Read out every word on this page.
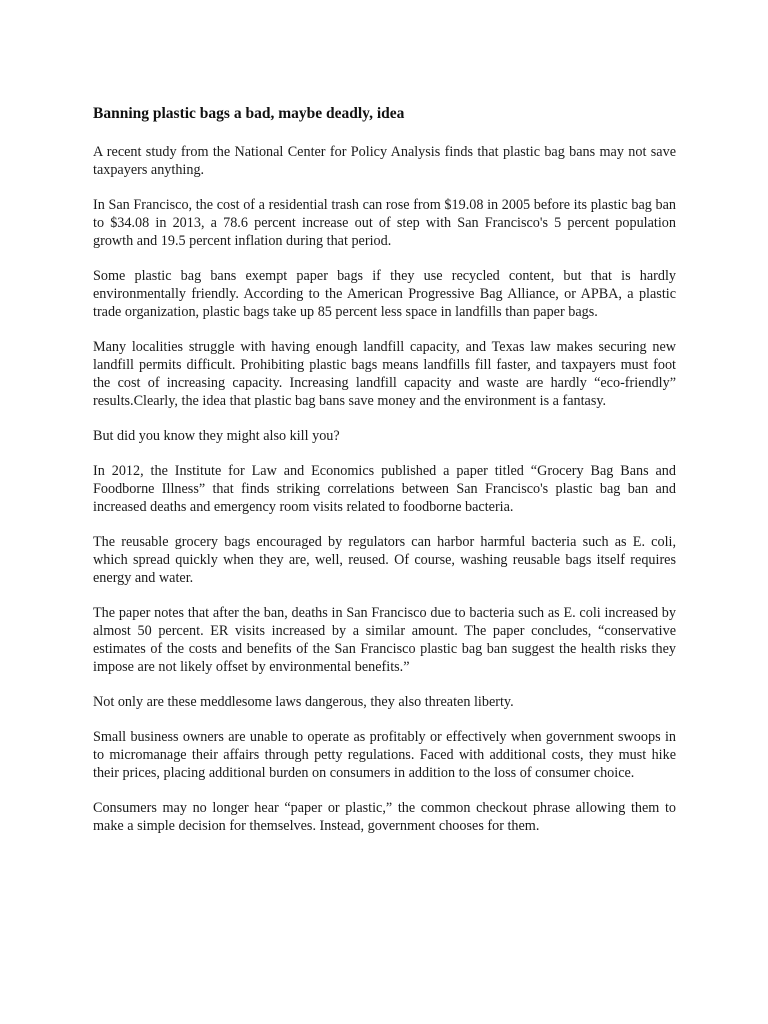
Banning plastic bags a bad, maybe deadly, idea

A recent study from the National Center for Policy Analysis finds that plastic bag bans may not save taxpayers anything.

In San Francisco, the cost of a residential trash can rose from $19.08 in 2005 before its plastic bag ban to $34.08 in 2013, a 78.6 percent increase out of step with San Francisco's 5 percent population growth and 19.5 percent inflation during that period.

Some plastic bag bans exempt paper bags if they use recycled content, but that is hardly environmentally friendly. According to the American Progressive Bag Alliance, or APBA, a plastic trade organization, plastic bags take up 85 percent less space in landfills than paper bags.

Many localities struggle with having enough landfill capacity, and Texas law makes securing new landfill permits difficult. Prohibiting plastic bags means landfills fill faster, and taxpayers must foot the cost of increasing capacity. Increasing landfill capacity and waste are hardly “eco-friendly” results.Clearly, the idea that plastic bag bans save money and the environment is a fantasy.

But did you know they might also kill you?

In 2012, the Institute for Law and Economics published a paper titled “Grocery Bag Bans and Foodborne Illness” that finds striking correlations between San Francisco's plastic bag ban and increased deaths and emergency room visits related to foodborne bacteria.

The reusable grocery bags encouraged by regulators can harbor harmful bacteria such as E. coli, which spread quickly when they are, well, reused. Of course, washing reusable bags itself requires energy and water.

The paper notes that after the ban, deaths in San Francisco due to bacteria such as E. coli increased by almost 50 percent. ER visits increased by a similar amount. The paper concludes, “conservative estimates of the costs and benefits of the San Francisco plastic bag ban suggest the health risks they impose are not likely offset by environmental benefits.”

Not only are these meddlesome laws dangerous, they also threaten liberty.

Small business owners are unable to operate as profitably or effectively when government swoops in to micromanage their affairs through petty regulations. Faced with additional costs, they must hike their prices, placing additional burden on consumers in addition to the loss of consumer choice.

Consumers may no longer hear “paper or plastic,” the common checkout phrase allowing them to make a simple decision for themselves. Instead, government chooses for them.
